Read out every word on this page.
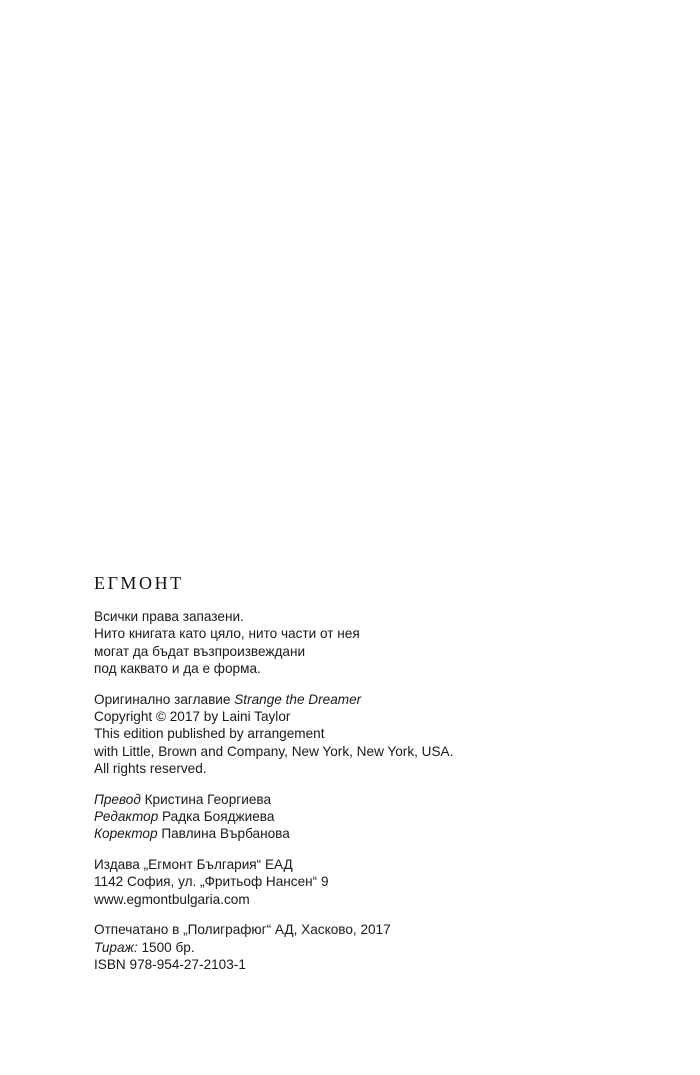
ЕГМОНТ
Всички права запазени.
Нито книгата като цяло, нито части от нея
могат да бъдат възпроизвеждани
под каквато и да е форма.
Оригинално заглавие Strange the Dreamer
Copyright © 2017 by Laini Taylor
This edition published by arrangement
with Little, Brown and Company, New York, New York, USA.
All rights reserved.
Превод Кристина Георгиева
Редактор Радка Бояджиева
Коректор Павлина Върбанова
Издава „Егмонт България“ ЕАД
1142 София, ул. „Фритьоф Нансен“ 9
www.egmontbulgaria.com
Отпечатано в „Полиграфюг“ АД, Хасково, 2017
Тираж: 1500 бр.
ISBN 978-954-27-2103-1
